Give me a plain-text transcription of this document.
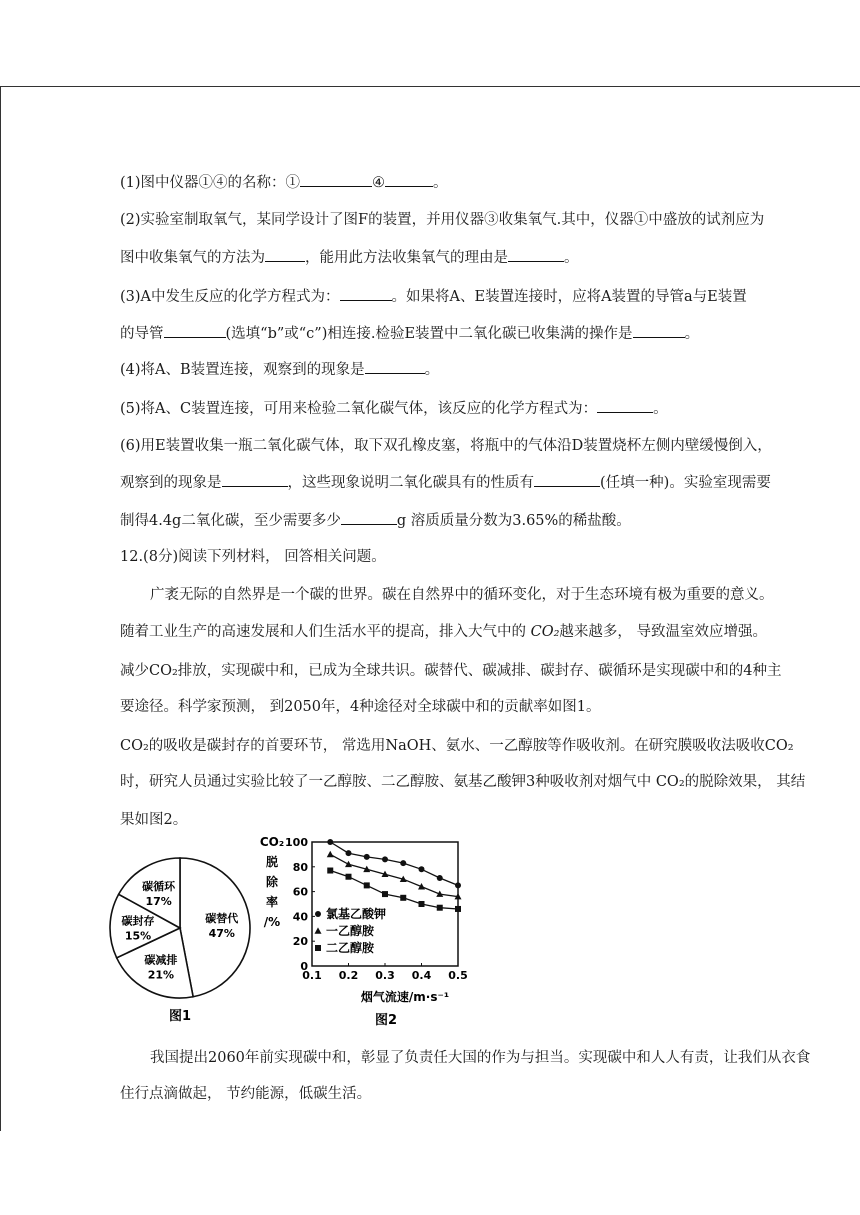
(1)图中仪器①④的名称：①	④	。
(2)实验室制取氧气，某同学设计了图F的装置，并用仪器③收集氧气.其中，仪器①中盛放的试剂应为
图中收集氧气的方法为	，能用此方法收集氧气的理由是	。
(3)A中发生反应的化学方程式为：	。如果将A、E装置连接时，应将A装置的导管a与E装置
的导管	(选填“b”或“c”)相连接.检验E装置中二氧化碳已收集满的操作是	。
(4)将A、B装置连接，观察到的现象是	。
(5)将A、C装置连接，可用来检验二氧化碳气体，该反应的化学方程式为：	。
(6)用E装置收集一瓶二氧化碳气体，取下双孔橡皮塞，将瓶中的气体沿D装置烧杯左侧内壁缓慢倒入，
观察到的现象是	，这些现象说明二氧化碳具有的性质有	(任填一种)。实验室现需要
制得4.4g二氧化碳，至少需要多少	g 溶质质量分数为3.65%的稀盐酸。
12.(8分)阅读下列材料， 回答相关问题。
广袤无际的自然界是一个碳的世界。碳在自然界中的循环变化，对于生态环境有极为重要的意义。
随着工业生产的高速发展和人们生活水平的提高，排入大气中的 CO₂越来越多， 导致温室效应增强。
减少CO₂排放，实现碳中和，已成为全球共识。碳替代、碳减排、碳封存、碳循环是实现碳中和的4种主
要途径。科学家预测， 到2050年，4种途径对全球碳中和的贡献率如图1。
CO₂的吸收是碳封存的首要环节， 常选用NaOH、氨水、一乙醇胺等作吸收剂。在研究膜吸收法吸收CO₂
时，研究人员通过实验比较了一乙醇胺、二乙醇胺、氨基乙酸钾3种吸收剂对烟气中 CO₂的脱除效果， 其结
果如图2。
碳替代
47%
碳减排
21%
碳封存
15%
碳循环
17%
图1
CO₂
脱
除
率
/%
0.1 0.2 0.3 0.4 0.5
0
20
40
60
80
100
氯基乙酸钾
一乙醇胺
二乙醇胺
烟气流速/m·s⁻¹
图2
我国提出2060年前实现碳中和，彰显了负责任大国的作为与担当。实现碳中和人人有责，让我们从衣食
住行点滴做起， 节约能源，低碳生活。
